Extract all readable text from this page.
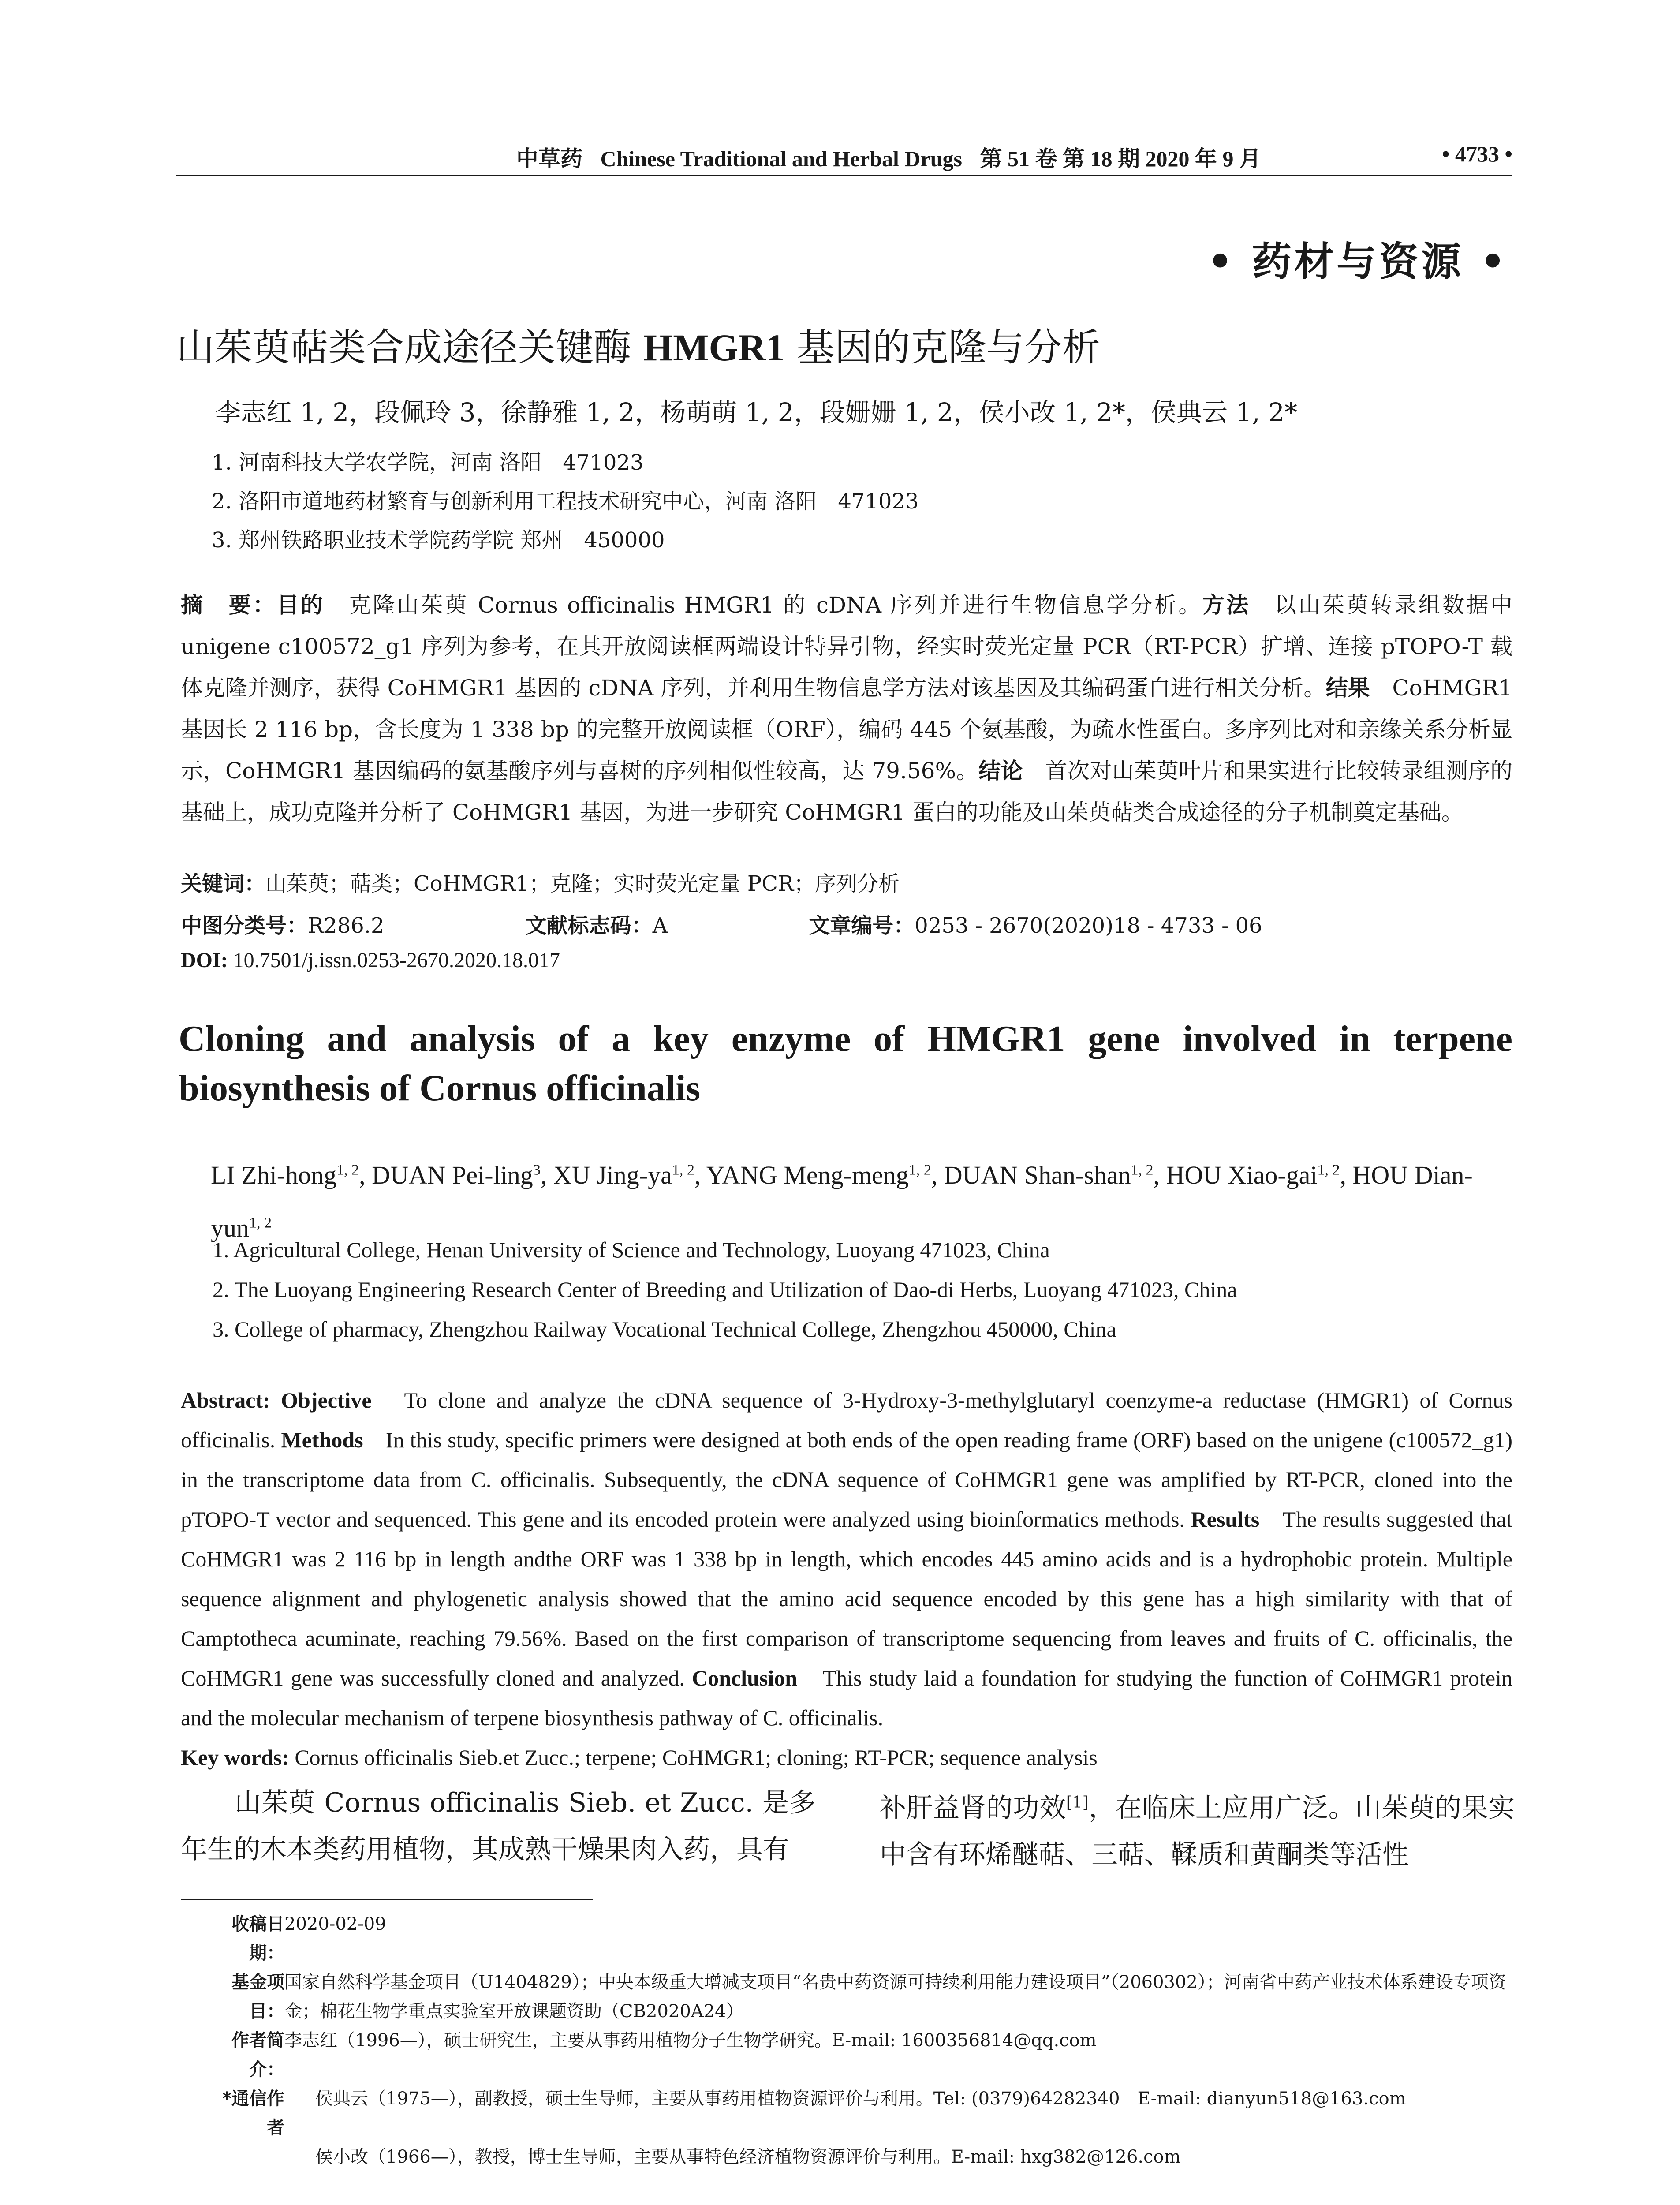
中草药 Chinese Traditional and Herbal Drugs 第 51 卷 第 18 期 2020 年 9 月	• 4733 •
• 药材与资源 •
山茱萸萜类合成途径关键酶 HMGR1 基因的克隆与分析
李志红 1, 2，段佩玲 3，徐静雅 1, 2，杨萌萌 1, 2，段姗姗 1, 2，侯小改 1, 2*，侯典云 1, 2*
1. 河南科技大学农学院，河南 洛阳　471023
2. 洛阳市道地药材繁育与创新利用工程技术研究中心，河南 洛阳　471023
3. 郑州铁路职业技术学院药学院 郑州　450000
摘　要：目的　克隆山茱萸 Cornus officinalis HMGR1 的 cDNA 序列并进行生物信息学分析。方法　以山茱萸转录组数据中 unigene c100572_g1 序列为参考，在其开放阅读框两端设计特异引物，经实时荧光定量 PCR（RT-PCR）扩增、连接 pTOPO-T 载体克隆并测序，获得 CoHMGR1 基因的 cDNA 序列，并利用生物信息学方法对该基因及其编码蛋白进行相关分析。结果　CoHMGR1 基因长 2 116 bp，含长度为 1 338 bp 的完整开放阅读框（ORF），编码 445 个氨基酸，为疏水性蛋白。多序列比对和亲缘关系分析显示，CoHMGR1 基因编码的氨基酸序列与喜树的序列相似性较高，达 79.56%。结论　首次对山茱萸叶片和果实进行比较转录组测序的基础上，成功克隆并分析了 CoHMGR1 基因，为进一步研究 CoHMGR1 蛋白的功能及山茱萸萜类合成途径的分子机制奠定基础。
关键词：山茱萸；萜类；CoHMGR1；克隆；实时荧光定量 PCR；序列分析
中图分类号：R286.2	文献标志码：A	文章编号：0253 - 2670(2020)18 - 4733 - 06
DOI: 10.7501/j.issn.0253-2670.2020.18.017
Cloning and analysis of a key enzyme of HMGR1 gene involved in terpene biosynthesis of Cornus officinalis
LI Zhi-hong$^{1, 2}$, DUAN Pei-ling$^3$, XU Jing-ya$^{1, 2}$, YANG Meng-meng$^{1, 2}$, DUAN Shan-shan$^{1, 2}$, HOU Xiao-gai$^{1, 2}$, HOU Dian-yun$^{1, 2}$
1. Agricultural College, Henan University of Science and Technology, Luoyang 471023, China
2. The Luoyang Engineering Research Center of Breeding and Utilization of Dao-di Herbs, Luoyang 471023, China
3. College of pharmacy, Zhengzhou Railway Vocational Technical College, Zhengzhou 450000, China
Abstract: Objective　To clone and analyze the cDNA sequence of 3-Hydroxy-3-methylglutaryl coenzyme-a reductase (HMGR1) of Cornus officinalis. Methods　In this study, specific primers were designed at both ends of the open reading frame (ORF) based on the unigene (c100572_g1) in the transcriptome data from C. officinalis. Subsequently, the cDNA sequence of CoHMGR1 gene was amplified by RT-PCR, cloned into the pTOPO-T vector and sequenced. This gene and its encoded protein were analyzed using bioinformatics methods. Results　The results suggested that CoHMGR1 was 2 116 bp in length andthe ORF was 1 338 bp in length, which encodes 445 amino acids and is a hydrophobic protein. Multiple sequence alignment and phylogenetic analysis showed that the amino acid sequence encoded by this gene has a high similarity with that of Camptotheca acuminate, reaching 79.56%. Based on the first comparison of transcriptome sequencing from leaves and fruits of C. officinalis, the CoHMGR1 gene was successfully cloned and analyzed. Conclusion　This study laid a foundation for studying the function of CoHMGR1 protein and the molecular mechanism of terpene biosynthesis pathway of C. officinalis.
Key words: Cornus officinalis Sieb.et Zucc.; terpene; CoHMGR1; cloning; RT-PCR; sequence analysis
　　山茱萸 Cornus officinalis Sieb. et Zucc. 是多年生的木本类药用植物，其成熟干燥果肉入药，具有
补肝益肾的功效[1]，在临床上应用广泛。山茱萸的果实中含有环烯醚萜、三萜、鞣质和黄酮类等活性
收稿日期：
2020-02-09
基金项目：
国家自然科学基金项目（U1404829）；中央本级重大增减支项目“名贵中药资源可持续利用能力建设项目”（2060302）；河南省中药产业技术体系建设专项资金；棉花生物学重点实验室开放课题资助（CB2020A24）
作者简介：
李志红（1996—），硕士研究生，主要从事药用植物分子生物学研究。E-mail: 1600356814@qq.com
*通信作者
侯典云（1975—），副教授，硕士生导师，主要从事药用植物资源评价与利用。Tel: (0379)64282340　E-mail: dianyun518@163.com
侯小改（1966—），教授，博士生导师，主要从事特色经济植物资源评价与利用。E-mail: hxg382@126.com
